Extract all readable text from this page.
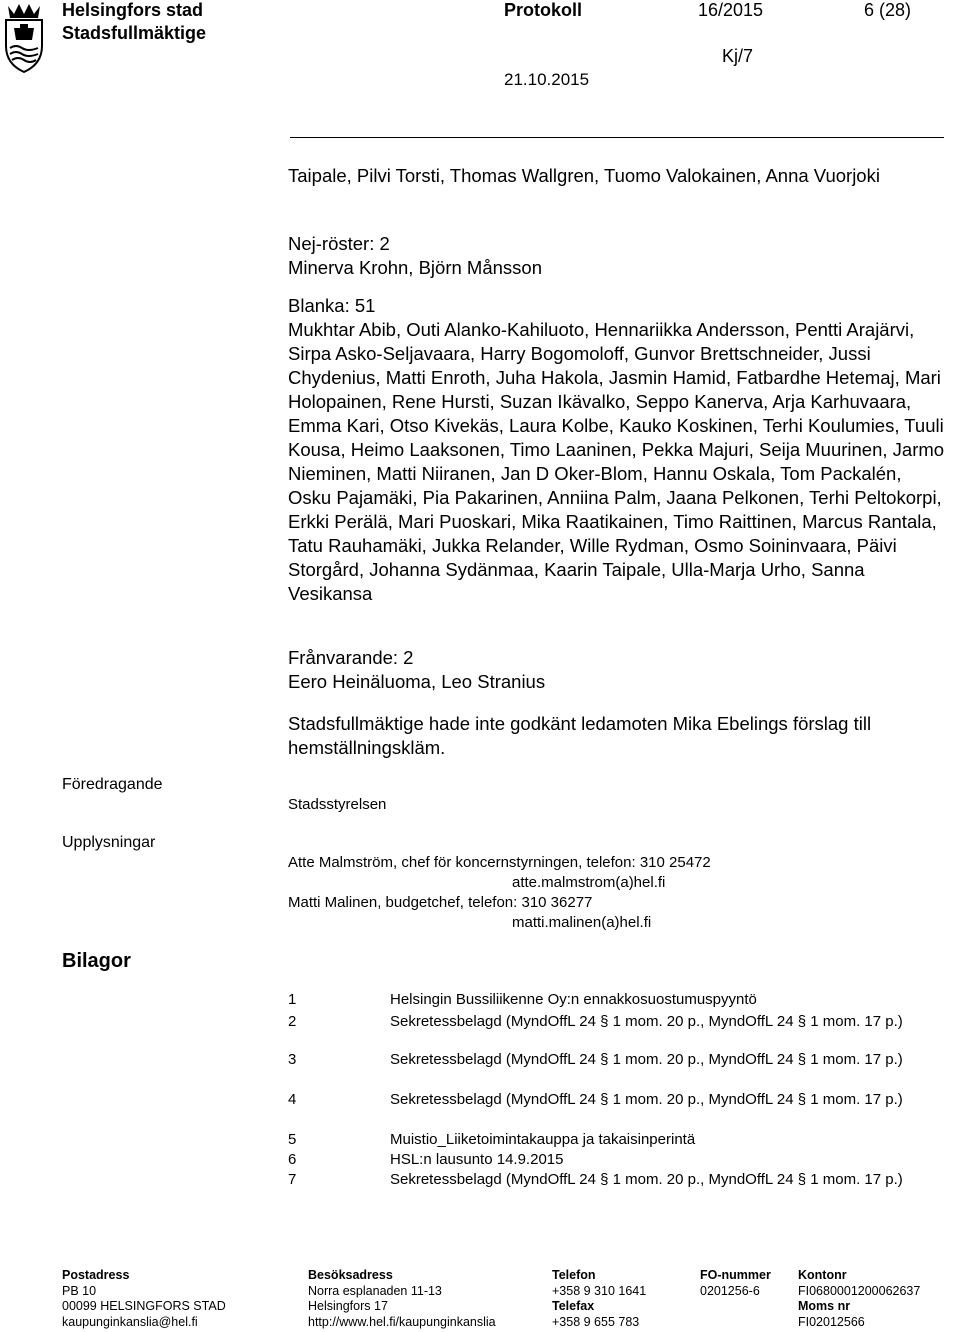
Helsingfors stad
Stadsfullmäktige
Protokoll	16/2015	6 (28)
Kj/7
21.10.2015

Taipale, Pilvi Torsti, Thomas Wallgren, Tuomo Valokainen, Anna Vuorjoki

Nej-röster: 2

Minerva Krohn, Björn Månsson

Blanka: 51

Mukhtar Abib, Outi Alanko-Kahiluoto, Hennariikka Andersson, Pentti Arajärvi, Sirpa Asko-Seljavaara, Harry Bogomoloff, Gunvor Brettschneider, Jussi Chydenius, Matti Enroth, Juha Hakola, Jasmin Hamid, Fatbardhe Hetemaj, Mari Holopainen, Rene Hursti, Suzan Ikävalko, Seppo Kanerva, Arja Karhuvaara, Emma Kari, Otso Kivekäs, Laura Kolbe, Kauko Koskinen, Terhi Koulumies, Tuuli Kousa, Heimo Laaksonen, Timo Laaninen, Pekka Majuri, Seija Muurinen, Jarmo Nieminen, Matti Niiranen, Jan D Oker-Blom, Hannu Oskala, Tom Packalén, Osku Pajamäki, Pia Pakarinen, Anniina Palm, Jaana Pelkonen, Terhi Peltokorpi, Erkki Perälä, Mari Puoskari, Mika Raatikainen, Timo Raittinen, Marcus Rantala, Tatu Rauhamäki, Jukka Relander, Wille Rydman, Osmo Soininvaara, Päivi Storgård, Johanna Sydänmaa, Kaarin Taipale, Ulla-Marja Urho, Sanna Vesikansa

Frånvarande: 2

Eero Heinäluoma, Leo Stranius

Stadsfullmäktige hade inte godkänt ledamoten Mika Ebelings förslag till hemställningskläm.

Föredragande
Stadsstyrelsen
Upplysningar
Atte Malmström, chef för koncernstyrningen, telefon: 310 25472
atte.malmstrom(a)hel.fi
Matti Malinen, budgetchef, telefon: 310 36277
matti.malinen(a)hel.fi
Bilagor
1	Helsingin Bussiliikenne Oy:n ennakkosuostumuspyyntö
2	Sekretessbelagd (MyndOffL 24 § 1 mom. 20 p., MyndOffL 24 § 1 mom. 17 p.)
3	Sekretessbelagd (MyndOffL 24 § 1 mom. 20 p., MyndOffL 24 § 1 mom. 17 p.)
4	Sekretessbelagd (MyndOffL 24 § 1 mom. 20 p., MyndOffL 24 § 1 mom. 17 p.)
5	Muistio_Liiketoimintakauppa ja takaisinperintä
6	HSL:n lausunto 14.9.2015
7	Sekretessbelagd (MyndOffL 24 § 1 mom. 20 p., MyndOffL 24 § 1 mom. 17 p.)
Postadress
PB 10
00099 HELSINGFORS STAD
kaupunginkanslia@hel.fi
Besöksadress
Norra esplanaden 11-13
Helsingfors 17
http://www.hel.fi/kaupunginkanslia
Telefon
+358 9 310 1641
Telefax
+358 9 655 783
FO-nummer
0201256-6
Kontonr
FI0680001200062637
Moms nr
FI02012566
